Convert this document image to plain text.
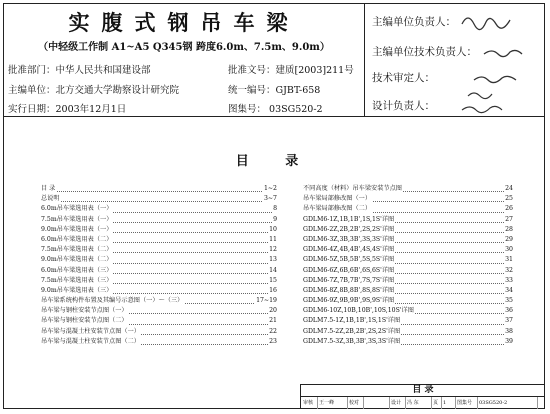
实腹式钢吊车梁
（中轻级工作制 A1~A5 Q345钢 跨度6.0m、7.5m、9.0m）
批准部门：中华人民共和国建设部	批准文号：建质[2003]211号
主编单位：北方交通大学勘察设计研究院	统一编号：GJBT-658
实行日期：2003年12月1日	图集号： 03SG520-2
主编单位负责人：
主编单位技术负责人：
技术审定人：
设计负责人：
目 录
目 录	1~2
总说明	3~7
6.0m吊车梁选用表（一）	8
7.5m吊车梁选用表（一）	9
9.0m吊车梁选用表（一）	10
6.0m吊车梁选用表（二）	11
7.5m吊车梁选用表（二）	12
9.0m吊车梁选用表（二）	13
6.0m吊车梁选用表（三）	14
7.5m吊车梁选用表（三）	15
9.0m吊车梁选用表（三）	16
吊车梁系统构件布置及其编号示意图（一）～（三）	17~19
吊车梁与钢柱安装节点图（一）	20
吊车梁与钢柱安装节点图（二）	21
吊车梁与混凝土柱安装节点图（一）	22
吊车梁与混凝土柱安装节点图（二）	23
不同高度（材料）吊车梁安装节点图	24
吊车梁局部修改图（一）	25
吊车梁局部修改图（二）	26
GDLM6-1Z,1B,1B',1S,1S'详图	27
GDLM6-2Z,2B,2B',2S,2S'详图	28
GDLM6-3Z,3B,3B',3S,3S'详图	29
GDLM6-4Z,4B,4B',4S,4S'详图	30
GDLM6-5Z,5B,5B',5S,5S'详图	31
GDLM6-6Z,6B,6B',6S,6S'详图	32
GDLM6-7Z,7B,7B',7S,7S'详图	33
GDLM6-8Z,8B,8B',8S,8S'详图	34
GDLM6-9Z,9B,9B',9S,9S'详图	35
GDLM6-10Z,10B,10B',10S,10S'详图	36
GDLM7.5-1Z,1B,1B',1S,1S'详图	37
GDLM7.5-2Z,2B,2B',2S,2S'详图	38
GDLM7.5-3Z,3B,3B',3S,3S'详图	39
目 录
审核	王一峰	校对	设计	冯 东	页 1	图集号	03SG520-2
